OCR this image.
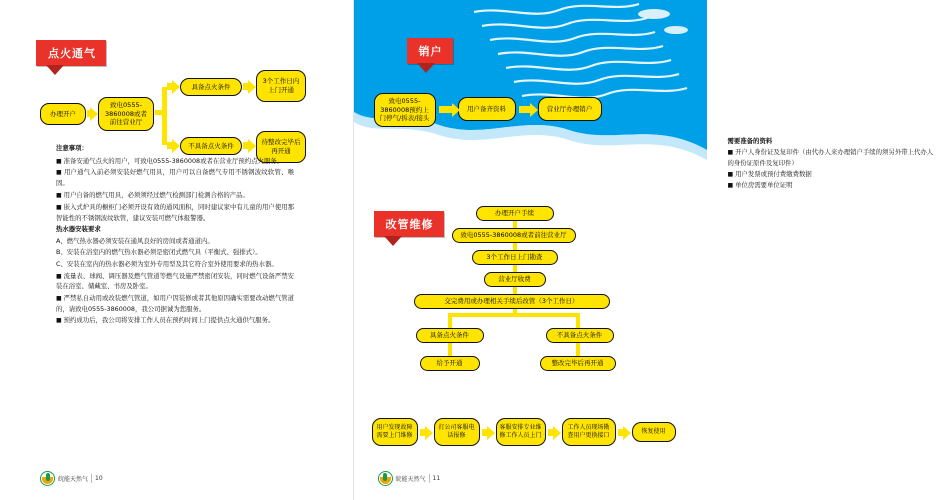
点火通气
办理开户
致电0555-3860008或者前往营业厅
具备点火条件
不具备点火条件
3个工作日内上门开通
待整改完毕后再开通
注意事项：

■ 准备安通气点火的用户，可致电0555-3860008或者在营业厅预约点火服务。

■ 用户通气入前必须安装好燃气用具，用户可以自备燃气专用不锈钢波纹软管、喉固。

■ 用户自备的燃气用具，必须须经过燃气检测部门检测合格的产品。

■ 嵌入式炉具的橱柜门必须开设有效的通风面积，同时建议家中有儿童的用户使用那智能性的不锈钢波纹软管，建议安装可燃气体报警器。

热水器安装要求

A、燃气热水器必须安装在通风良好的房间或者通道内。

B、安装在浴室内的燃气热水器必须是密闭式燃气具（平衡式、强排式）。

C、安装在室内的热水器必须为室外专用型及其它符合室外使用要求的热水器。

■ 流量表、球阀、调压器及燃气管道等燃气设施严禁密闭安装，同时燃气设备严禁安装在浴室、储藏室、书房及卧室。

■ 严禁私自动用或改装燃气管道，如用户因装修或者其他原因确实需要改动燃气管道的，请致电0555-3860008，我公司据诚为您服务。

■ 预约成功后，我公司将安排工作人员在预约时间上门提供点火通供气服务。

皖能天然气 10
销户
致电0555-3860008预约上门停气/拆表/接头
用户备齐资料	营业厅办理销户

需要准备的资料

■ 开户人身份证及复印件（由代办人来办理销户手续的须另外带上代办人的身份证原件及复印件）

■ 用户发票或预付费缴费数据

■ 单位房需要单位证明

改管维修
办理开户手续
致电0555-3860008或者前往营业厅
3个工作日上门勘查
营业厅收费
交完费用或办理相关手续后改管（3个工作日）
具备点火条件	不具备点火条件
给予开通	整改完毕后再开通
用户发现故障需要上门维修
打公司客服电话报修
客服安排专业维修工作人员上门
工作人员现场勘查用户更换接口
恢复使用
皖能天然气 11
